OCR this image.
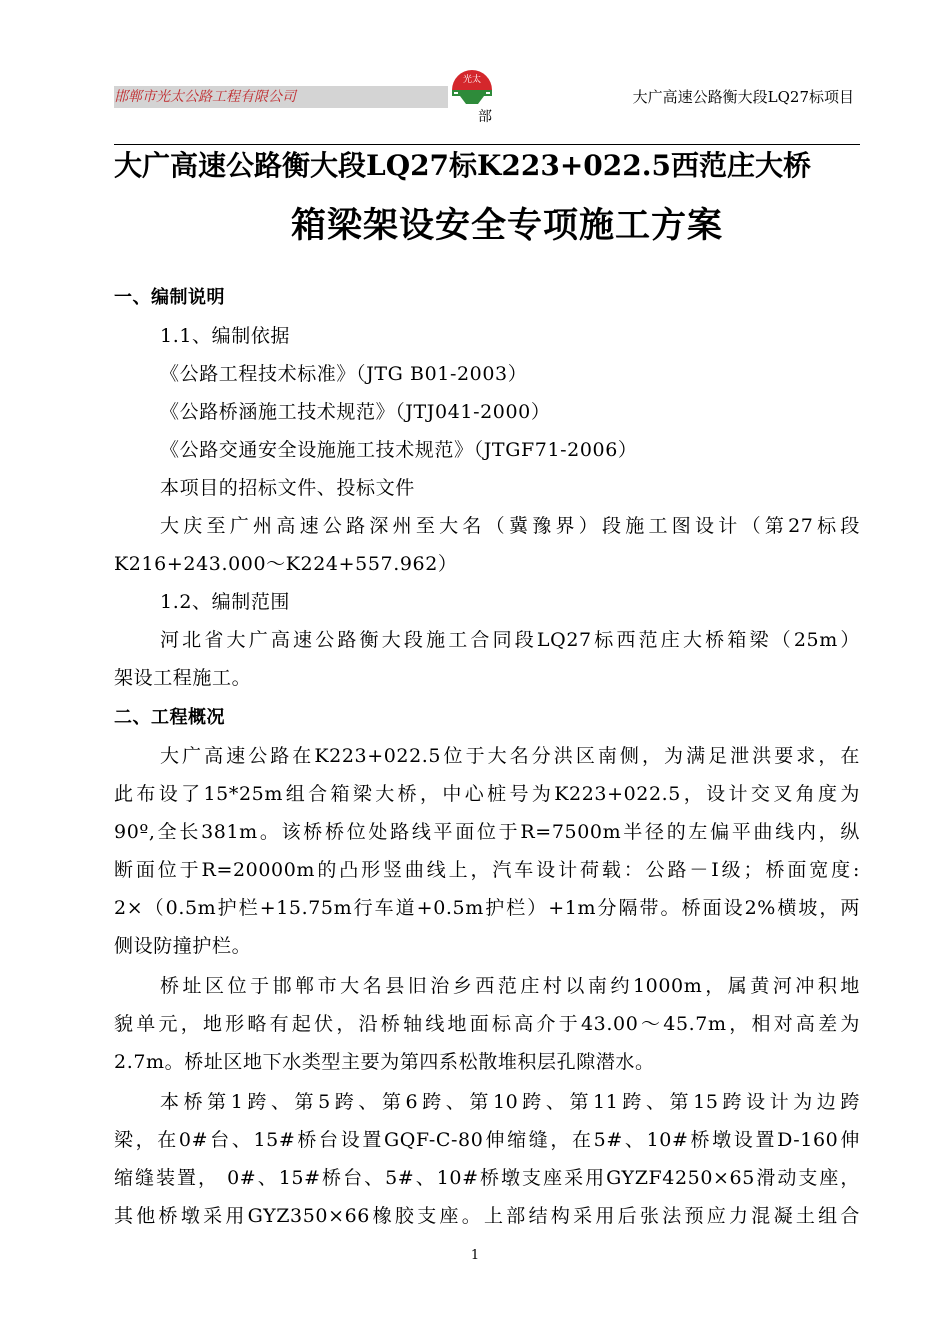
邯郸市光太公路工程有限公司
光太
大广高速公路衡大段LQ27标项目
部
大广高速公路衡大段LQ27标K223+022.5西范庄大桥
箱梁架设安全专项施工方案
一、编制说明
1.1、编制依据
《公路工程技术标准》（JTG B01-2003）
《公路桥涵施工技术规范》（JTJ041-2000）
《公路交通安全设施施工技术规范》（JTGF71-2006）
本项目的招标文件、投标文件
大庆至广州高速公路深州至大名（冀豫界）段施工图设计（第27标段
K216+243.000～K224+557.962）
1.2、编制范围
河北省大广高速公路衡大段施工合同段LQ27标西范庄大桥箱梁（25m）
架设工程施工。
二、工程概况
大广高速公路在K223+022.5位于大名分洪区南侧，为满足泄洪要求，在
此布设了15*25m组合箱梁大桥，中心桩号为K223+022.5，设计交叉角度为
90º,全长381m。该桥桥位处路线平面位于R=7500m半径的左偏平曲线内，纵
断面位于R=20000m的凸形竖曲线上，汽车设计荷载：公路－Ⅰ级；桥面宽度:
2×（0.5m护栏+15.75m行车道+0.5m护栏）+1m分隔带。桥面设2%横坡，两
侧设防撞护栏。
桥址区位于邯郸市大名县旧治乡西范庄村以南约1000m，属黄河冲积地
貌单元，地形略有起伏，沿桥轴线地面标高介于43.00～45.7m，相对高差为
2.7m。桥址区地下水类型主要为第四系松散堆积层孔隙潜水。
本桥第1跨、第5跨、第6跨、第10跨、第11跨、第15跨设计为边跨
梁，在0#台、15#桥台设置GQF-C-80伸缩缝，在5#、10#桥墩设置D-160伸
缩缝装置， 0#、15#桥台、5#、10#桥墩支座采用GYZF4250×65滑动支座，
其他桥墩采用GYZ350×66橡胶支座。上部结构采用后张法预应力混凝土组合
1
